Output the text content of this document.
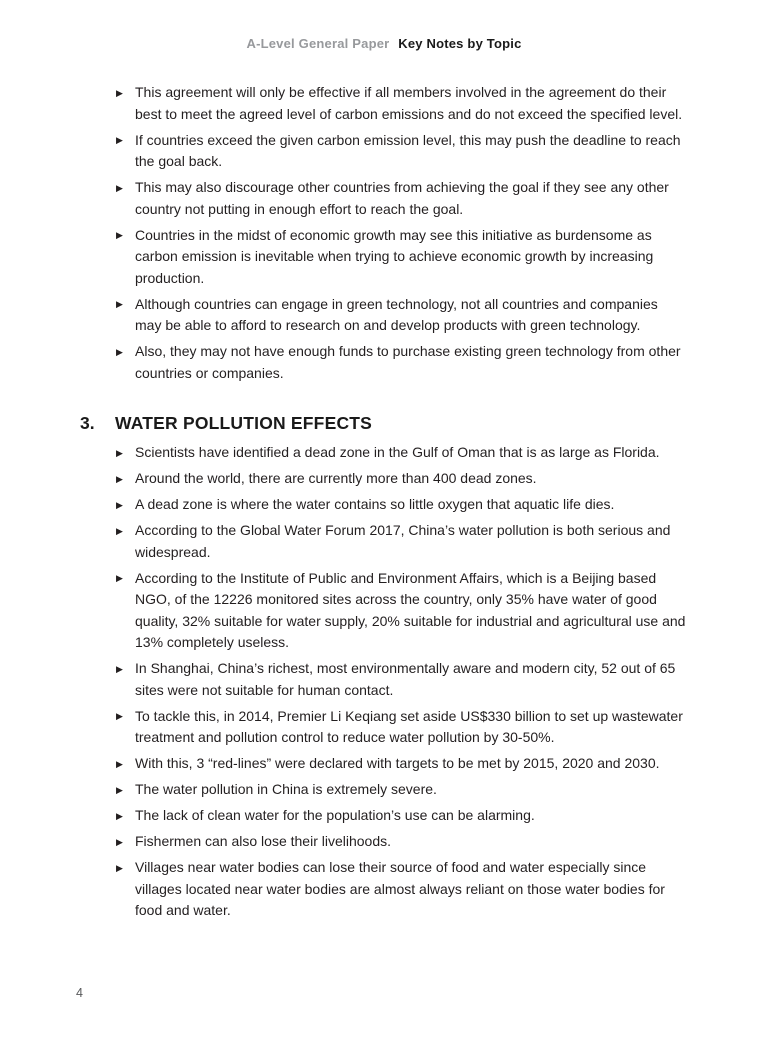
A-Level General Paper Key Notes by Topic
▶ This agreement will only be effective if all members involved in the agreement do their best to meet the agreed level of carbon emissions and do not exceed the specified level.
▶ If countries exceed the given carbon emission level, this may push the deadline to reach the goal back.
▶ This may also discourage other countries from achieving the goal if they see any other country not putting in enough effort to reach the goal.
▶ Countries in the midst of economic growth may see this initiative as burdensome as carbon emission is inevitable when trying to achieve economic growth by increasing production.
▶ Although countries can engage in green technology, not all countries and companies may be able to afford to research on and develop products with green technology.
▶ Also, they may not have enough funds to purchase existing green technology from other countries or companies.
3.	WATER POLLUTION EFFECTS
▶ Scientists have identified a dead zone in the Gulf of Oman that is as large as Florida.
▶ Around the world, there are currently more than 400 dead zones.
▶ A dead zone is where the water contains so little oxygen that aquatic life dies.
▶ According to the Global Water Forum 2017, China’s water pollution is both serious and widespread.
▶ According to the Institute of Public and Environment Affairs, which is a Beijing based NGO, of the 12226 monitored sites across the country, only 35% have water of good quality, 32% suitable for water supply, 20% suitable for industrial and agricultural use and 13% completely useless.
▶ In Shanghai, China’s richest, most environmentally aware and modern city, 52 out of 65 sites were not suitable for human contact.
▶ To tackle this, in 2014, Premier Li Keqiang set aside US$330 billion to set up wastewater treatment and pollution control to reduce water pollution by 30-50%.
▶ With this, 3 “red-lines” were declared with targets to be met by 2015, 2020 and 2030.
▶ The water pollution in China is extremely severe.
▶ The lack of clean water for the population’s use can be alarming.
▶ Fishermen can also lose their livelihoods.
▶ Villages near water bodies can lose their source of food and water especially since villages located near water bodies are almost always reliant on those water bodies for food and water.
4
